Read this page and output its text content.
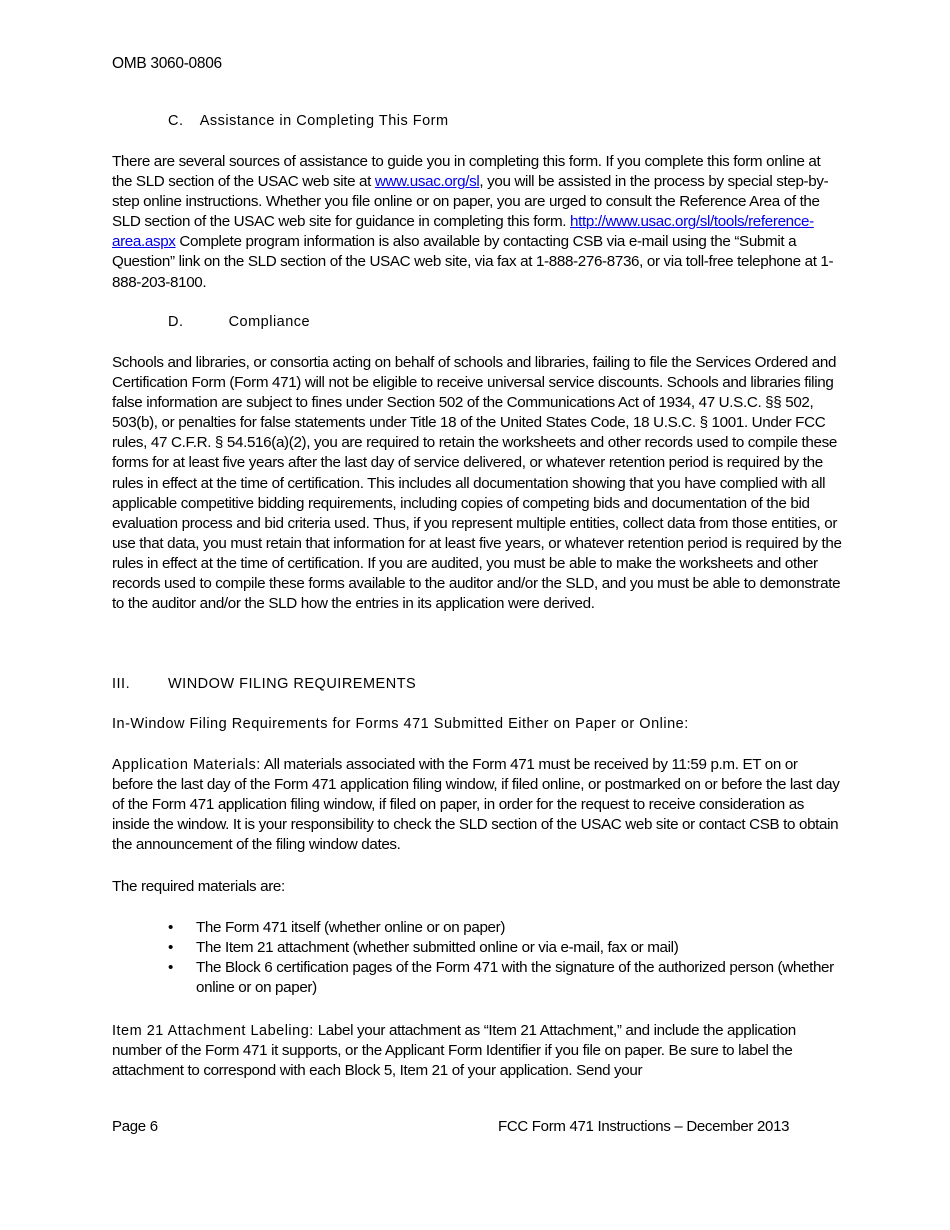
OMB 3060-0806

C. Assistance in Completing This Form

There are several sources of assistance to guide you in completing this form. If you complete this form online at the SLD section of the USAC web site at www.usac.org/sl, you will be assisted in the process by special step-by-step online instructions. Whether you file online or on paper, you are urged to consult the Reference Area of the SLD section of the USAC web site for guidance in completing this form. http://www.usac.org/sl/tools/reference-area.aspx Complete program information is also available by contacting CSB via e-mail using the “Submit a Question” link on the SLD section of the USAC web site, via fax at 1-888-276-8736, or via toll-free telephone at 1-888-203-8100.

D.	Compliance

Schools and libraries, or consortia acting on behalf of schools and libraries, failing to file the Services Ordered and Certification Form (Form 471) will not be eligible to receive universal service discounts. Schools and libraries filing false information are subject to fines under Section 502 of the Communications Act of 1934, 47 U.S.C. §§ 502, 503(b), or penalties for false statements under Title 18 of the United States Code, 18 U.S.C. § 1001. Under FCC rules, 47 C.F.R. § 54.516(a)(2), you are required to retain the worksheets and other records used to compile these forms for at least five years after the last day of service delivered, or whatever retention period is required by the rules in effect at the time of certification. This includes all documentation showing that you have complied with all applicable competitive bidding requirements, including copies of competing bids and documentation of the bid evaluation process and bid criteria used. Thus, if you represent multiple entities, collect data from those entities, or use that data, you must retain that information for at least five years, or whatever retention period is required by the rules in effect at the time of certification. If you are audited, you must be able to make the worksheets and other records used to compile these forms available to the auditor and/or the SLD, and you must be able to demonstrate to the auditor and/or the SLD how the entries in its application were derived.

III.	WINDOW FILING REQUIREMENTS

In-Window Filing Requirements for Forms 471 Submitted Either on Paper or Online:

Application Materials: All materials associated with the Form 471 must be received by 11:59 p.m. ET on or before the last day of the Form 471 application filing window, if filed online, or postmarked on or before the last day of the Form 471 application filing window, if filed on paper, in order for the request to receive consideration as inside the window. It is your responsibility to check the SLD section of the USAC web site or contact CSB to obtain the announcement of the filing window dates.

The required materials are:

• The Form 471 itself (whether online or on paper)
• The Item 21 attachment (whether submitted online or via e-mail, fax or mail)
• The Block 6 certification pages of the Form 471 with the signature of the authorized person (whether online or on paper)

Item 21 Attachment Labeling: Label your attachment as “Item 21 Attachment,” and include the application number of the Form 471 it supports, or the Applicant Form Identifier if you file on paper. Be sure to label the attachment to correspond with each Block 5, Item 21 of your application. Send your

Page 6	FCC Form 471 Instructions – December 2013
